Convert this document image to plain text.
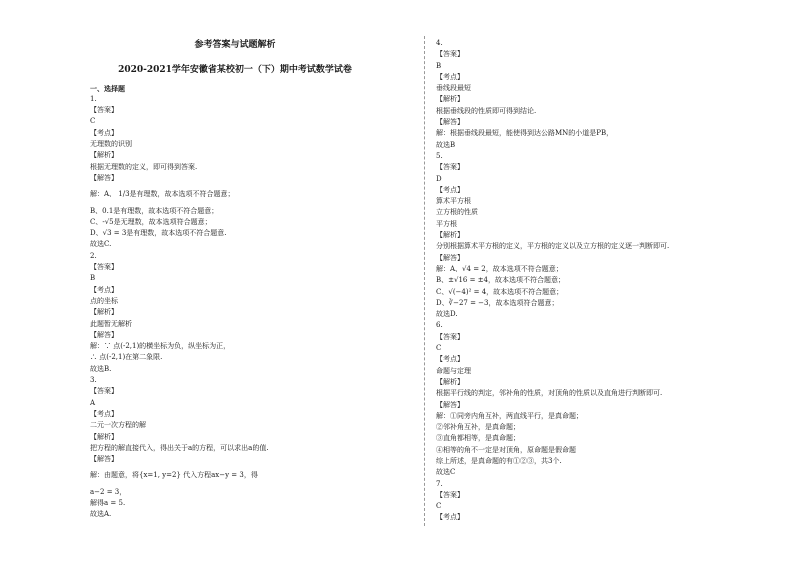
参考答案与试题解析
2020-2021学年安徽省某校初一（下）期中考试数学试卷
一、选择题
1.
【答案】
C
【考点】
无理数的识别
【解析】
根据无理数的定义，即可得到答案.
【解答】
解：A、 1/3是有理数，故本选项不符合题意；
B、0.1是有理数，故本选项不符合题意；
C、-√5是无理数，故本选项符合题意；
D、√3 = 3是有理数，故本选项不符合题意.
故选C.
2.
【答案】
B
【考点】
点的坐标
【解析】
此题暂无解析
【解答】
解：∵ 点(-2,1)的横坐标为负，纵坐标为正，
∴ 点(-2,1)在第二象限.
故选B.
3.
【答案】
A
【考点】
二元一次方程的解
【解析】
把方程的解直接代入，得出关于a的方程，可以求出a的值.
【解答】
解：由题意，将{x=1, y=2} 代入方程ax−y = 3，得
a−2 = 3，
解得a = 5.
故选A.
4.
【答案】
B
【考点】
垂线段最短
【解析】
根据垂线段的性质即可得到结论.
【解答】
解：根据垂线段最短，能使得到达公路MN的小道是PB，
故选B
5.
【答案】
D
【考点】
算术平方根
立方根的性质
平方根
【解析】
分别根据算术平方根的定义，平方根的定义以及立方根的定义逐一判断即可.
【解答】
解：A、√4 = 2，故本选项不符合题意；
B、±√16 = ±4，故本选项不符合题意；
C、√(−4)² = 4，故本选项不符合题意；
D、∛−27 = −3，故本选项符合题意；
故选D.
6.
【答案】
C
【考点】
命题与定理
【解析】
根据平行线的判定，邻补角的性质，对顶角的性质以及直角进行判断即可.
【解答】
解：①同旁内角互补，两直线平行，是真命题；
②邻补角互补，是真命题；
③直角都相等，是真命题；
④相等的角不一定是对顶角，原命题是假命题
综上所述，是真命题的有①②③，共3个.
故选C
7.
【答案】
C
【考点】
